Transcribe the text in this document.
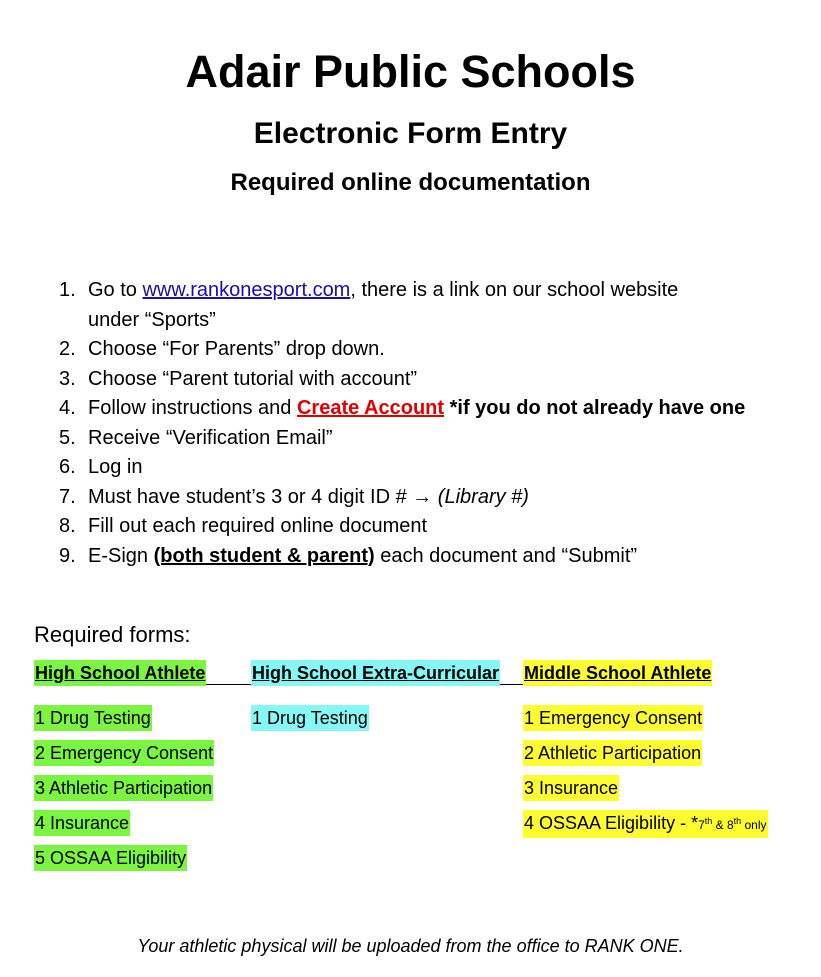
Adair Public Schools
Electronic Form Entry
Required online documentation
1. Go to www.rankonesport.com, there is a link on our school website
under “Sports”
2. Choose “For Parents” drop down.
3. Choose “Parent tutorial with account”
4. Follow instructions and Create Account *if you do not already have one
5. Receive “Verification Email”
6. Log in
7. Must have student’s 3 or 4 digit ID # → (Library #)
8. Fill out each required online document
9. E-Sign (both student & parent) each document and “Submit”
Required forms:
High School Athlete
1 Drug Testing
2 Emergency Consent
3 Athletic Participation
4 Insurance
5 OSSAA Eligibility
High School Extra-Curricular
1 Drug Testing
Middle School Athlete
1 Emergency Consent
2 Athletic Participation
3 Insurance
4 OSSAA Eligibility - *7th & 8th only
Your athletic physical will be uploaded from the office to RANK ONE.
